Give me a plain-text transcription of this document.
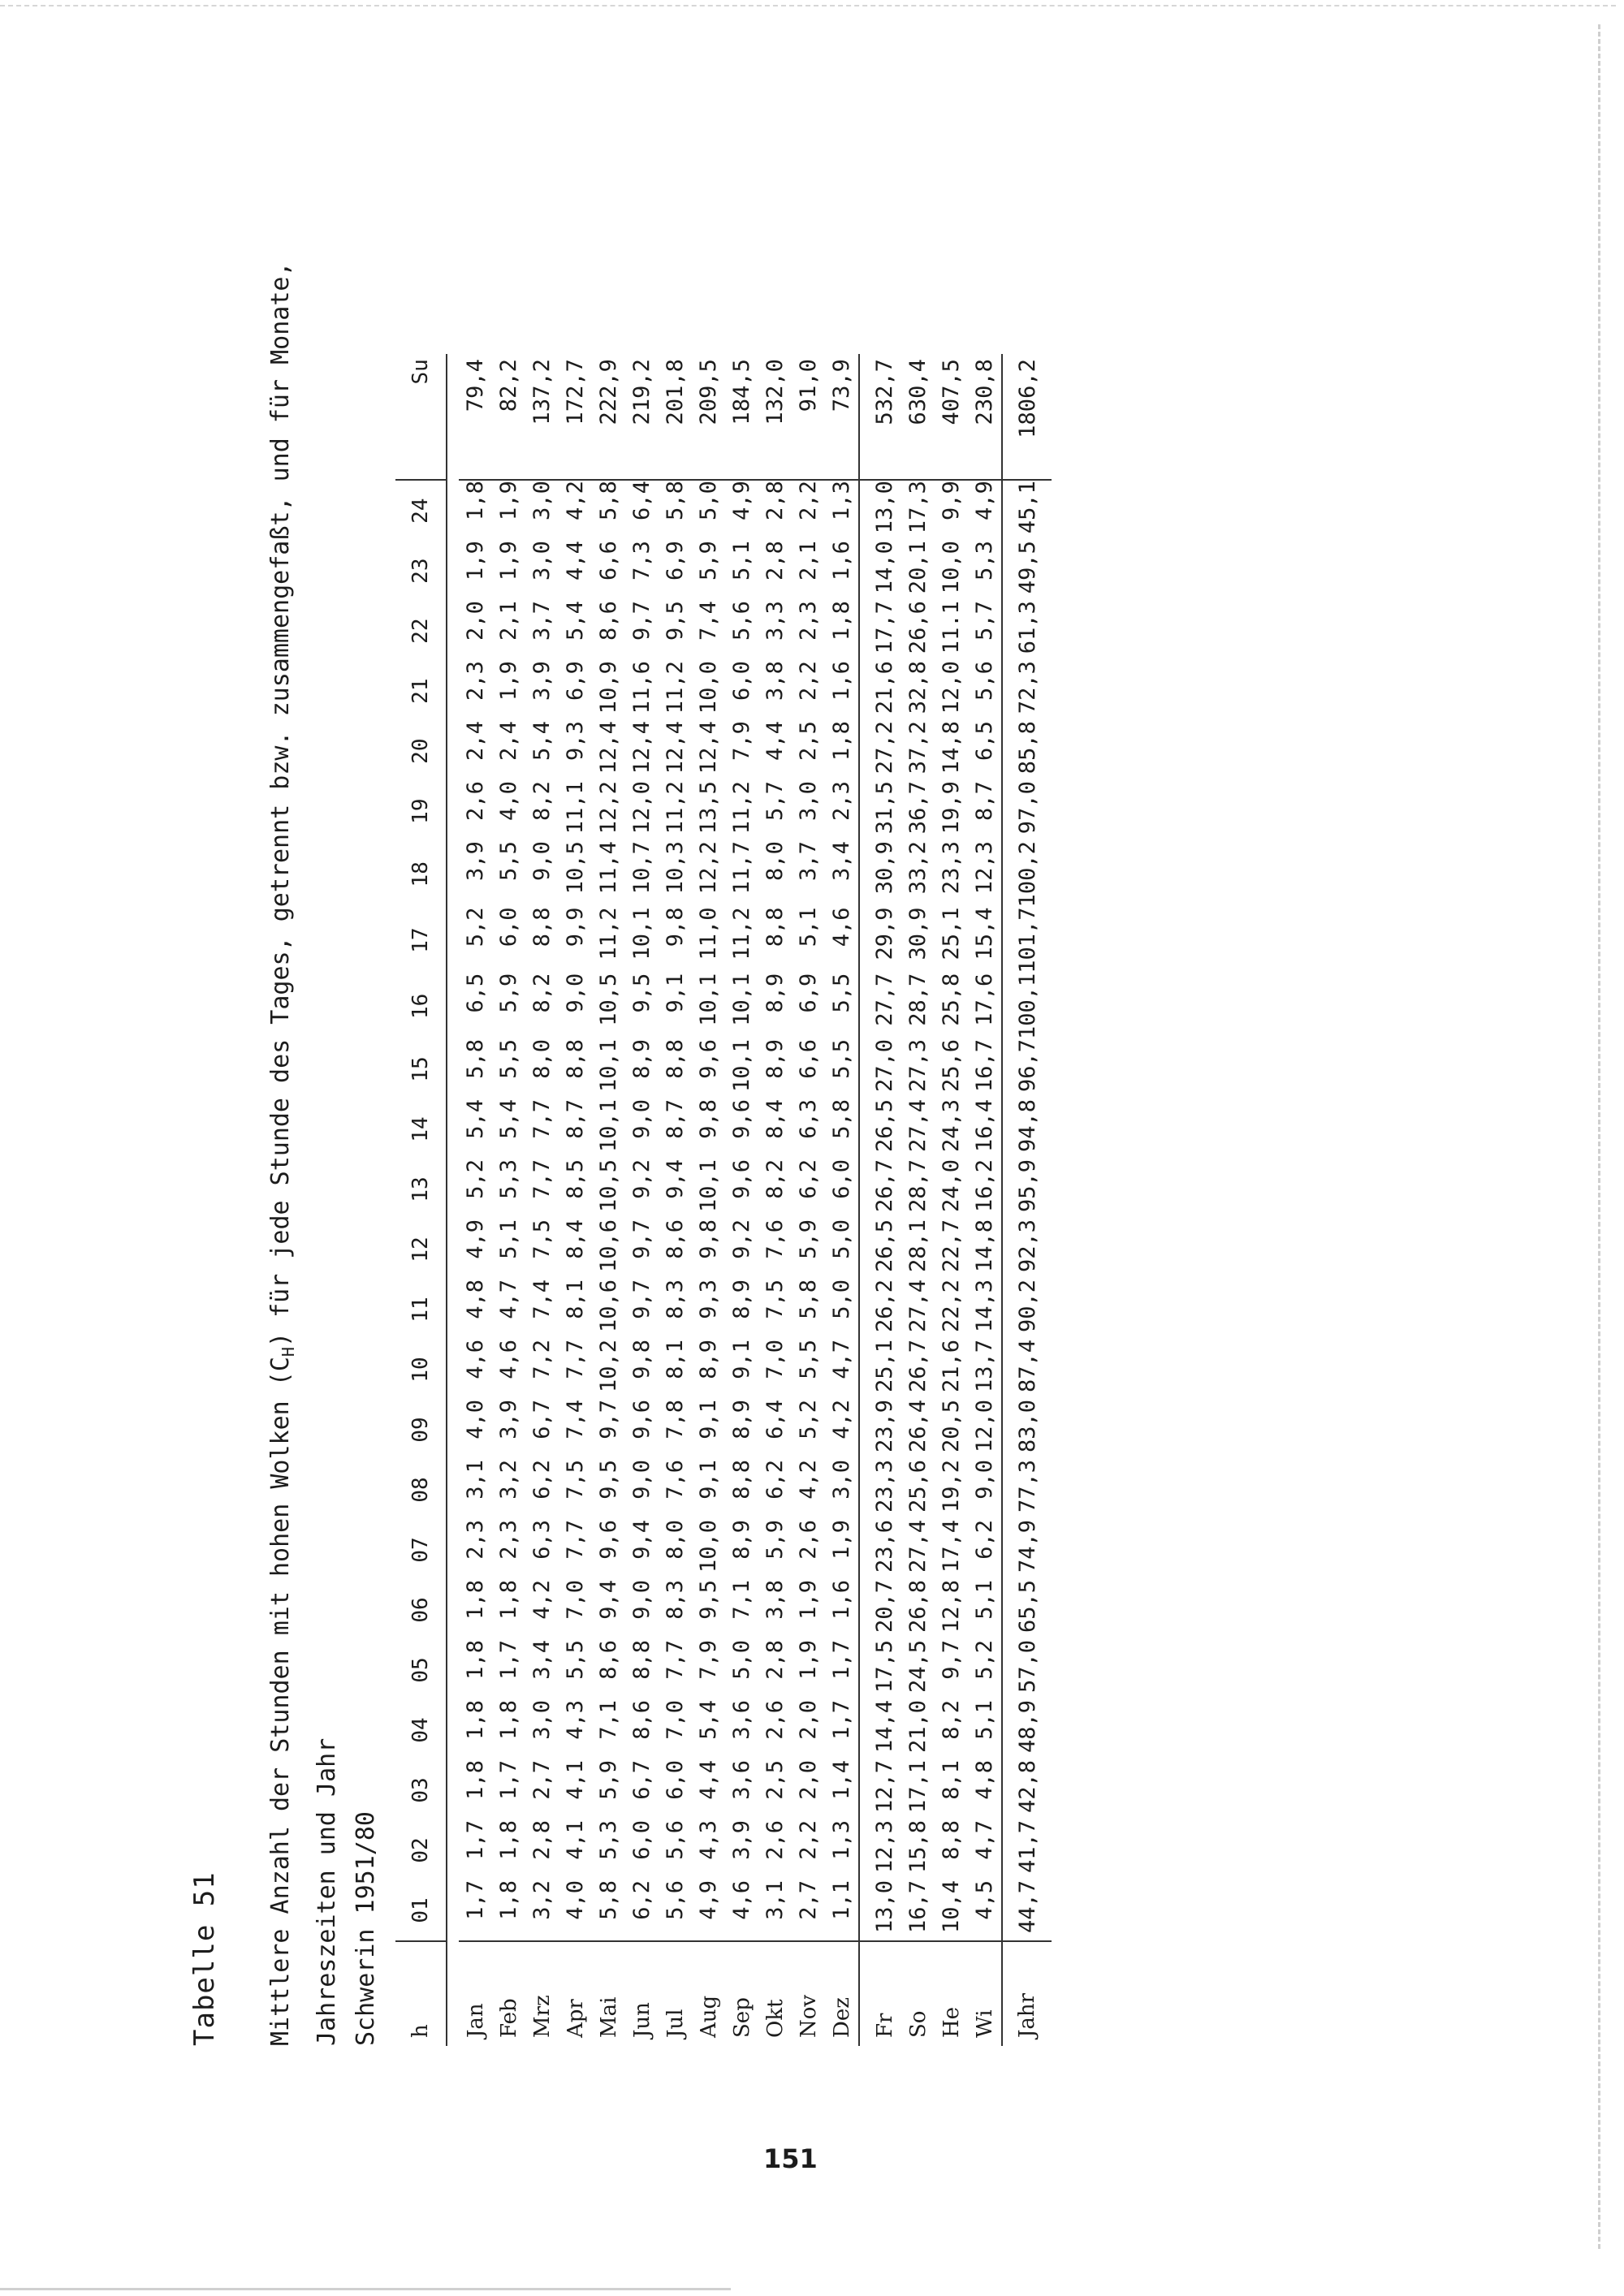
Tabelle 51 Mittlere Anzahl der Stunden mit hohen Wolken $(C_H)$ für jede Stunde des Tages, getrennt bzw. zusammengefaßt, und für Monate,
Jahreszeiten und Jahr Schwerin 1951/80 h	01	02	03	04	05	06	07	08	09	10	11	12	13	14	15	16	17	18	19	20	21	22	23	24	Su

Jan	1,7	1,7	1,8	1,8	1,8	1,8	2,3	3,1	4,0	4,6	4,8	4,9	5,2	5,4	5,8	6,5	5,2	3,9	2,6	2,4	2,3	2,0	1,9	1,8	79,4
Feb	1,8	1,8	1,7	1,8	1,7	1,8	2,3	3,2	3,9	4,6	4,7	5,1	5,3	5,4	5,5	5,9	6,0	5,5	4,0	2,4	1,9	2,1	1,9	1,9	82,2
Mrz	3,2	2,8	2,7	3,0	3,4	4,2	6,3	6,2	6,7	7,2	7,4	7,5	7,7	7,7	8,0	8,2	8,8	9,0	8,2	5,4	3,9	3,7	3,0	3,0	137,2
Apr	4,0	4,1	4,1	4,3	5,5	7,0	7,7	7,5	7,4	7,7	8,1	8,4	8,5	8,7	8,8	9,0	9,9	10,5	11,1	9,3	6,9	5,4	4,4	4,2	172,7
Mai	5,8	5,3	5,9	7,1	8,6	9,4	9,6	9,5	9,7	10,2	10,6	10,6	10,5	10,1	10,1	10,5	11,2	11,4	12,2	12,4	10,9	8,6	6,6	5,8	222,9
Jun	6,2	6,0	6,7	8,6	8,8	9,0	9,4	9,0	9,6	9,8	9,7	9,7	9,2	9,0	8,9	9,5	10,1	10,7	12,0	12,4	11,6	9,7	7,3	6,4	219,2
Jul	5,6	5,6	6,0	7,0	7,7	8,3	8,0	7,6	7,8	8,1	8,3	8,6	9,4	8,7	8,8	9,1	9,8	10,3	11,2	12,4	11,2	9,5	6,9	5,8	201,8
Aug	4,9	4,3	4,4	5,4	7,9	9,5	10,0	9,1	9,1	8,9	9,3	9,8	10,1	9,8	9,6	10,1	11,0	12,2	13,5	12,4	10,0	7,4	5,9	5,0	209,5
Sep	4,6	3,9	3,6	3,6	5,0	7,1	8,9	8,8	8,9	9,1	8,9	9,2	9,6	9,6	10,1	10,1	11,2	11,7	11,2	7,9	6,0	5,6	5,1	4,9	184,5
Okt	3,1	2,6	2,5	2,6	2,8	3,8	5,9	6,2	6,4	7,0	7,5	7,6	8,2	8,4	8,9	8,9	8,8	8,0	5,7	4,4	3,8	3,3	2,8	2,8	132,0
Nov	2,7	2,2	2,0	2,0	1,9	1,9	2,6	4,2	5,2	5,5	5,8	5,9	6,2	6,3	6,6	6,9	5,1	3,7	3,0	2,5	2,2	2,3	2,1	2,2	91,0
Dez	1,1	1,3	1,4	1,7	1,7	1,6	1,9	3,0	4,2	4,7	5,0	5,0	6,0	5,8	5,5	5,5	4,6	3,4	2,3	1,8	1,6	1,8	1,6	1,3	73,9
Fr	13,0	12,3	12,7	14,4	17,5	20,7	23,6	23,3	23,9	25,1	26,2	26,5	26,7	26,5	27,0	27,7	29,9	30,9	31,5	27,2	21,6	17,7	14,0	13,0	532,7
So	16,7	15,8	17,1	21,0	24,5	26,8	27,4	25,6	26,4	26,7	27,4	28,1	28,7	27,4	27,3	28,7	30,9	33,2	36,7	37,2	32,8	26,6	20,1	17,3	630,4
He	10,4	8,8	8,1	8,2	9,7	12,8	17,4	19,2	20,5	21,6	22,2	22,7	24,0	24,3	25,6	25,8	25,1	23,3	19,9	14,8	12,0	11.1	10,0	9,9	407,5
Wi	4,5	4,7	4,8	5,1	5,2	5,1	6,2	9,0	12,0	13,7	14,3	14,8	16,2	16,4	16,7	17,6	15,4	12,3	8,7	6,5	5,6	5,7	5,3	4,9	230,8
Jahr	44,7	41,7	42,8	48,9	57,0	65,5	74,9	77,3	83,0	87,4	90,2	92,3	95,9	94,8	96,7	100,1	101,7	100,2	97,0	85,8	72,3	61,3	49,5	45,1	1806,2
151
